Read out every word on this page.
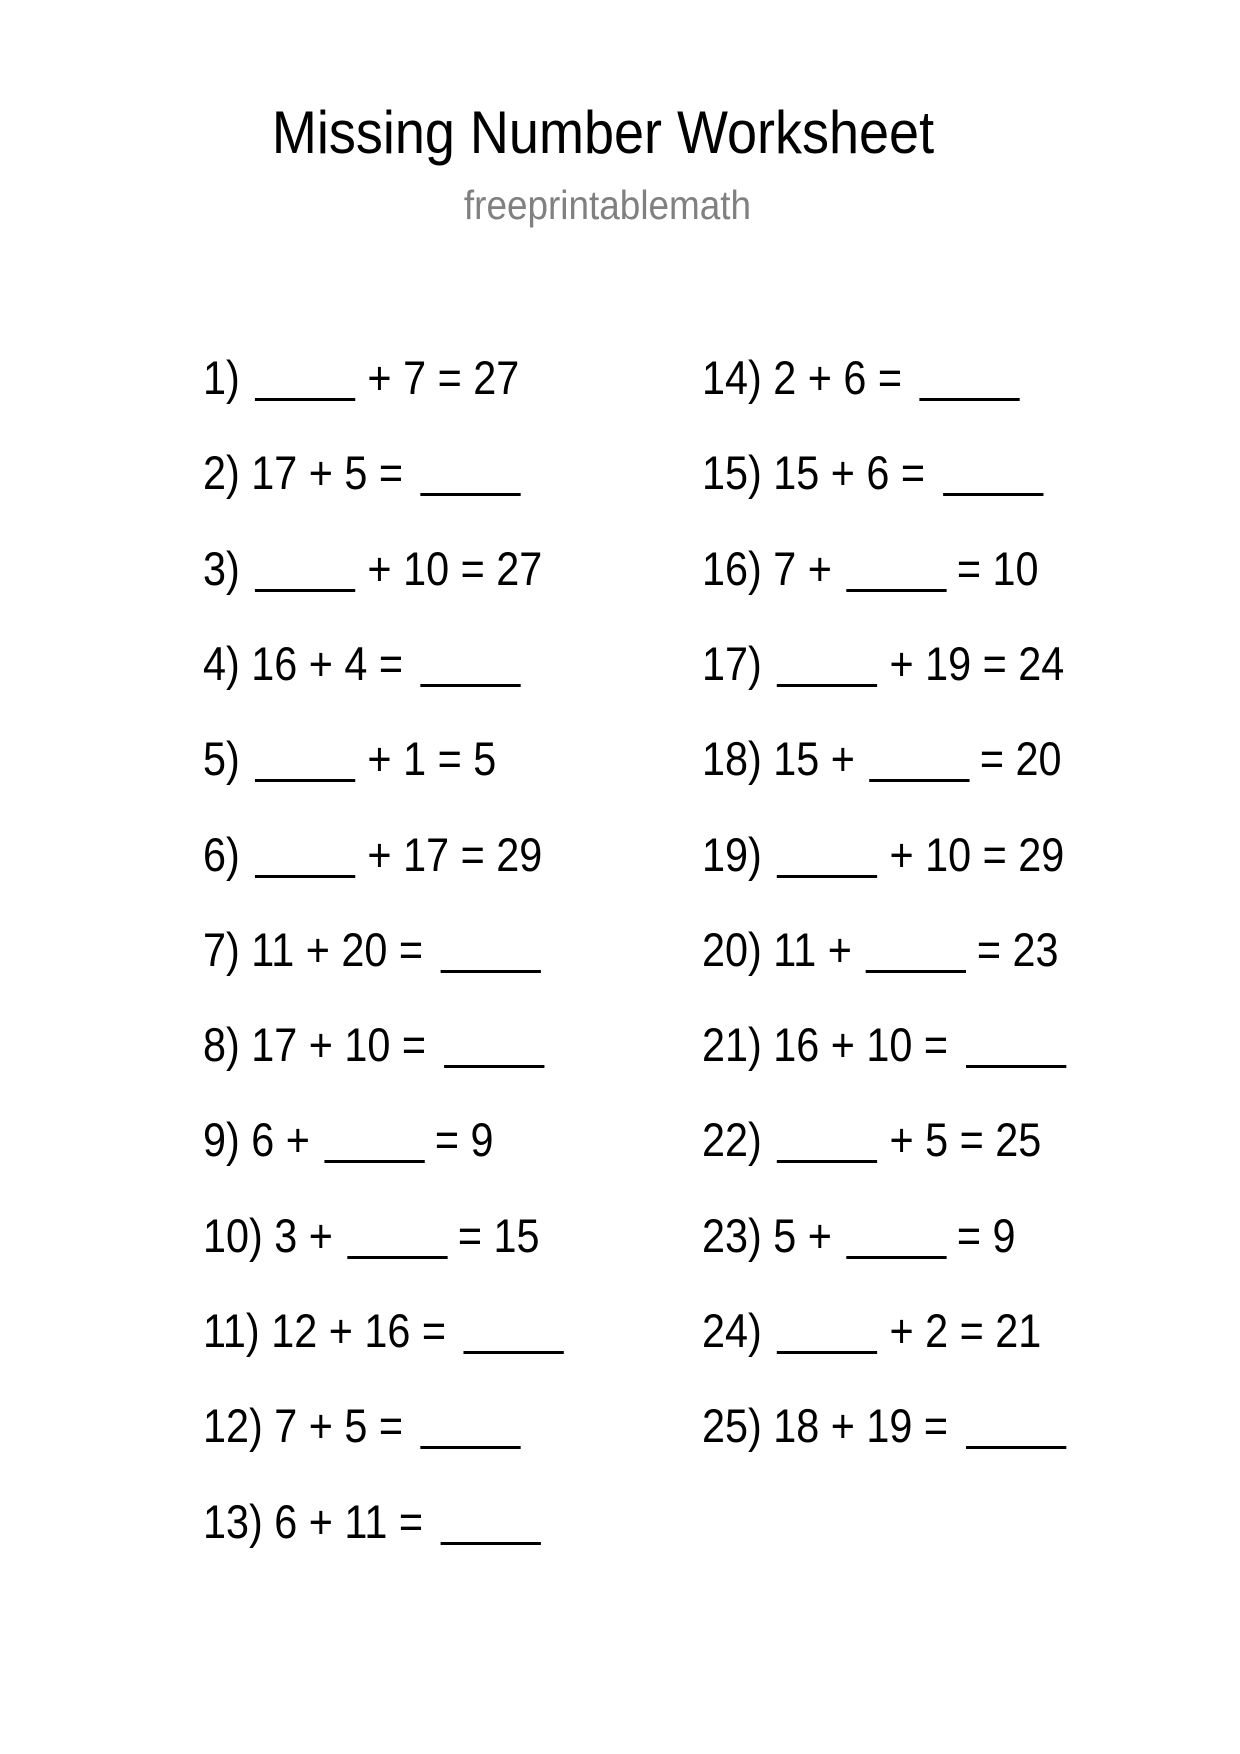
Missing Number Worksheet
freeprintablemath
1)	+ 7 = 27
2) 17 + 5 =
3)	+ 10 = 27
4) 16 + 4 =
5)	+ 1 = 5
6)	+ 17 = 29
7) 11 + 20 =
8) 17 + 10 =
9) 6 +	= 9
10) 3 +	= 15
11) 12 + 16 =
12) 7 + 5 =
13) 6 + 11 =
14) 2 + 6 =
15) 15 + 6 =
16) 7 +	= 10
17)	+ 19 = 24
18) 15 +	= 20
19)	+ 10 = 29
20) 11 +	= 23
21) 16 + 10 =
22)	+ 5 = 25
23) 5 +	= 9
24)	+ 2 = 21
25) 18 + 19 =
